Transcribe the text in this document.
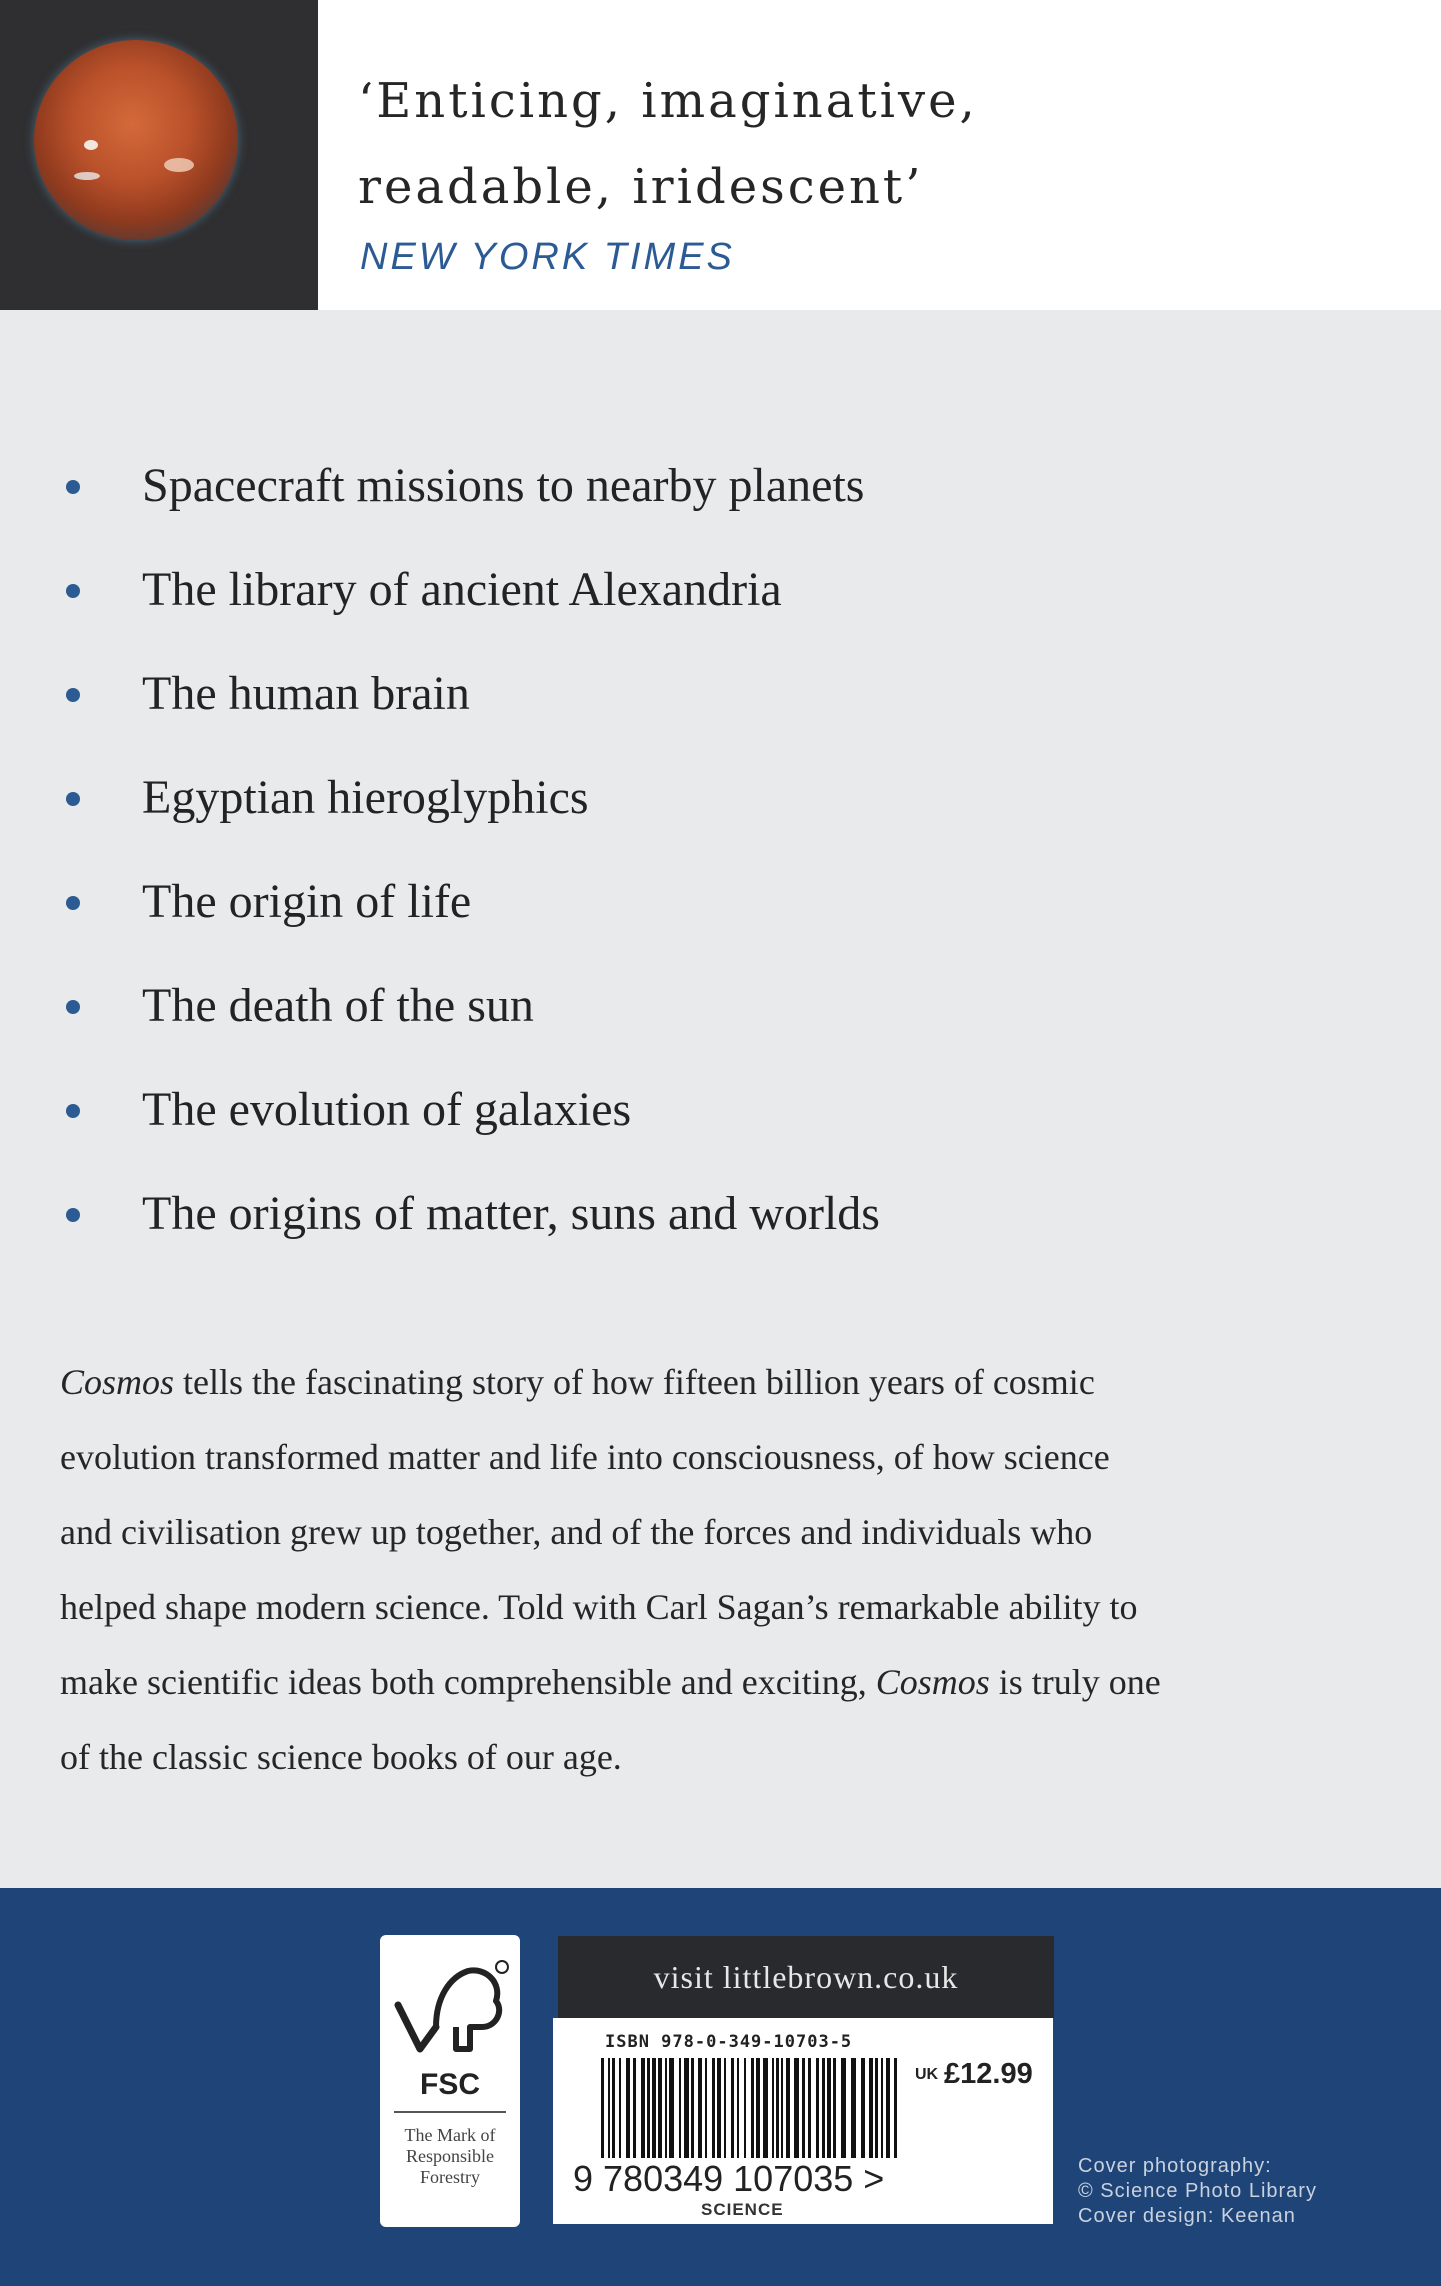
‘Enticing, imaginative,
readable, iridescent’
NEW YORK TIMES
Spacecraft missions to nearby planets
The library of ancient Alexandria
The human brain
Egyptian hieroglyphics
The origin of life
The death of the sun
The evolution of galaxies
The origins of matter, suns and worlds

Cosmos tells the fascinating story of how fifteen billion years of cosmic

evolution transformed matter and life into consciousness, of how science

and civilisation grew up together, and of the forces and individuals who

helped shape modern science. Told with Carl Sagan’s remarkable ability to

make scientific ideas both comprehensible and exciting, Cosmos is truly one

of the classic science books of our age.

FSC
The Mark of Responsible Forestry
visit littlebrown.co.uk
ISBN 978-0-349-10703-5
UK £12.99
9 780349 107035 >
SCIENCE
Cover photography:
© Science Photo Library
Cover design: Keenan
